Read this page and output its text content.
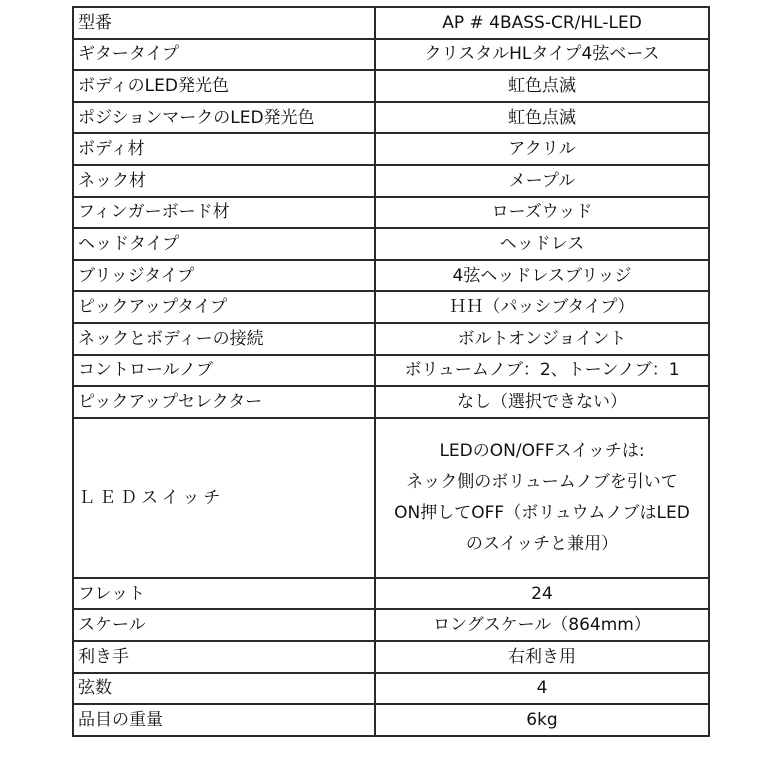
型番	AP # 4BASS-CR/HL-LED
ギタータイプ	クリスタルHLタイプ4弦ベース
ボディのLED発光色	虹色点滅
ポジションマークのLED発光色	虹色点滅
ボディ材	アクリル
ネック材	メープル
フィンガーボード材	ローズウッド
ヘッドタイプ	ヘッドレス
ブリッジタイプ	4弦ヘッドレスブリッジ
ピックアップタイプ	ＨＨ（パッシブタイプ）
ネックとボディーの接続	ボルトオンジョイント
コントロールノブ	ボリュームノブ：2、トーンノブ：1
ピックアップセレクター	なし（選択できない）
ＬＥＤスイッチ	LEDのON/OFFスイッチは:
ネック側のボリュームノブを引いて
ON押してOFF（ボリュウムノブはLED
のスイッチと兼用）

フレット	24
スケール	ロングスケール（864mm）
利き手	右利き用
弦数	4
品目の重量	6kg
